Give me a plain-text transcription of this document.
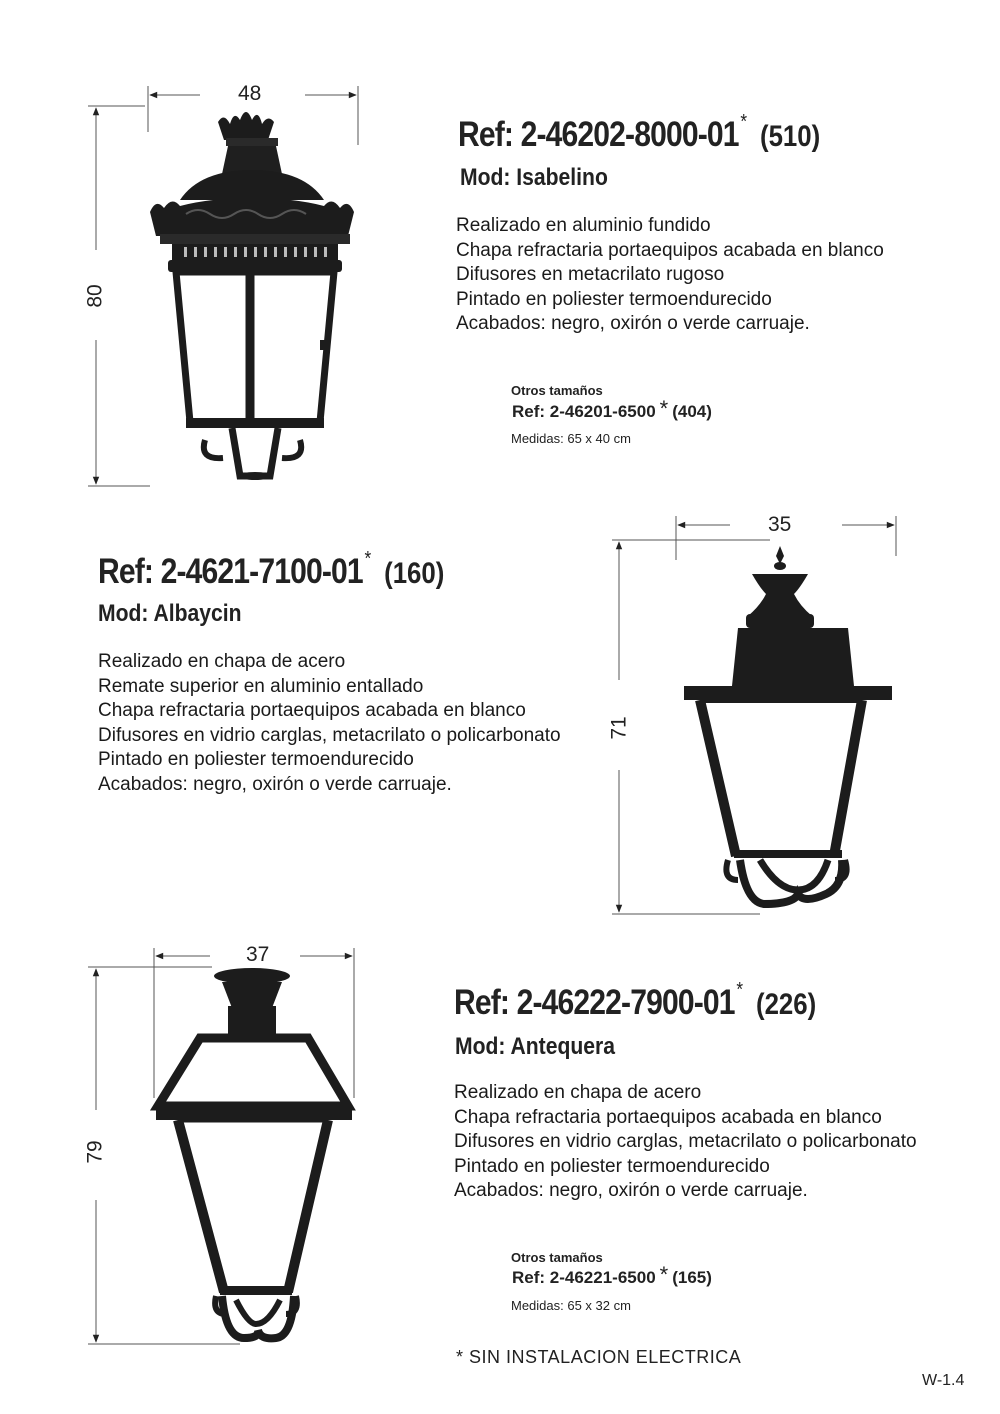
48
80
Ref: 2-46202-8000-01* (510)
Mod: Isabelino
Realizado en aluminio fundido
Chapa refractaria portaequipos acabada en blanco
Difusores en metacrilato rugoso
Pintado en poliester termoendurecido
Acabados: negro, oxirón o verde carruaje.
Otros tamaños
Ref: 2-46201-6500 * (404)
Medidas: 65 x 40 cm
35
71
Ref: 2-4621-7100-01* (160)
Mod: Albaycin
Realizado en chapa de acero
Remate superior en aluminio entallado
Chapa refractaria portaequipos acabada en blanco
Difusores en vidrio carglas, metacrilato o policarbonato
Pintado en poliester termoendurecido
Acabados: negro, oxirón o verde carruaje.
37
79
Ref: 2-46222-7900-01* (226)
Mod: Antequera
Realizado en chapa de acero
Chapa refractaria portaequipos acabada en blanco
Difusores en vidrio carglas, metacrilato o policarbonato
Pintado en poliester termoendurecido
Acabados: negro, oxirón o verde carruaje.
Otros tamaños
Ref: 2-46221-6500 * (165)
Medidas: 65 x 32 cm
* SIN INSTALACION ELECTRICA
W-1.4
